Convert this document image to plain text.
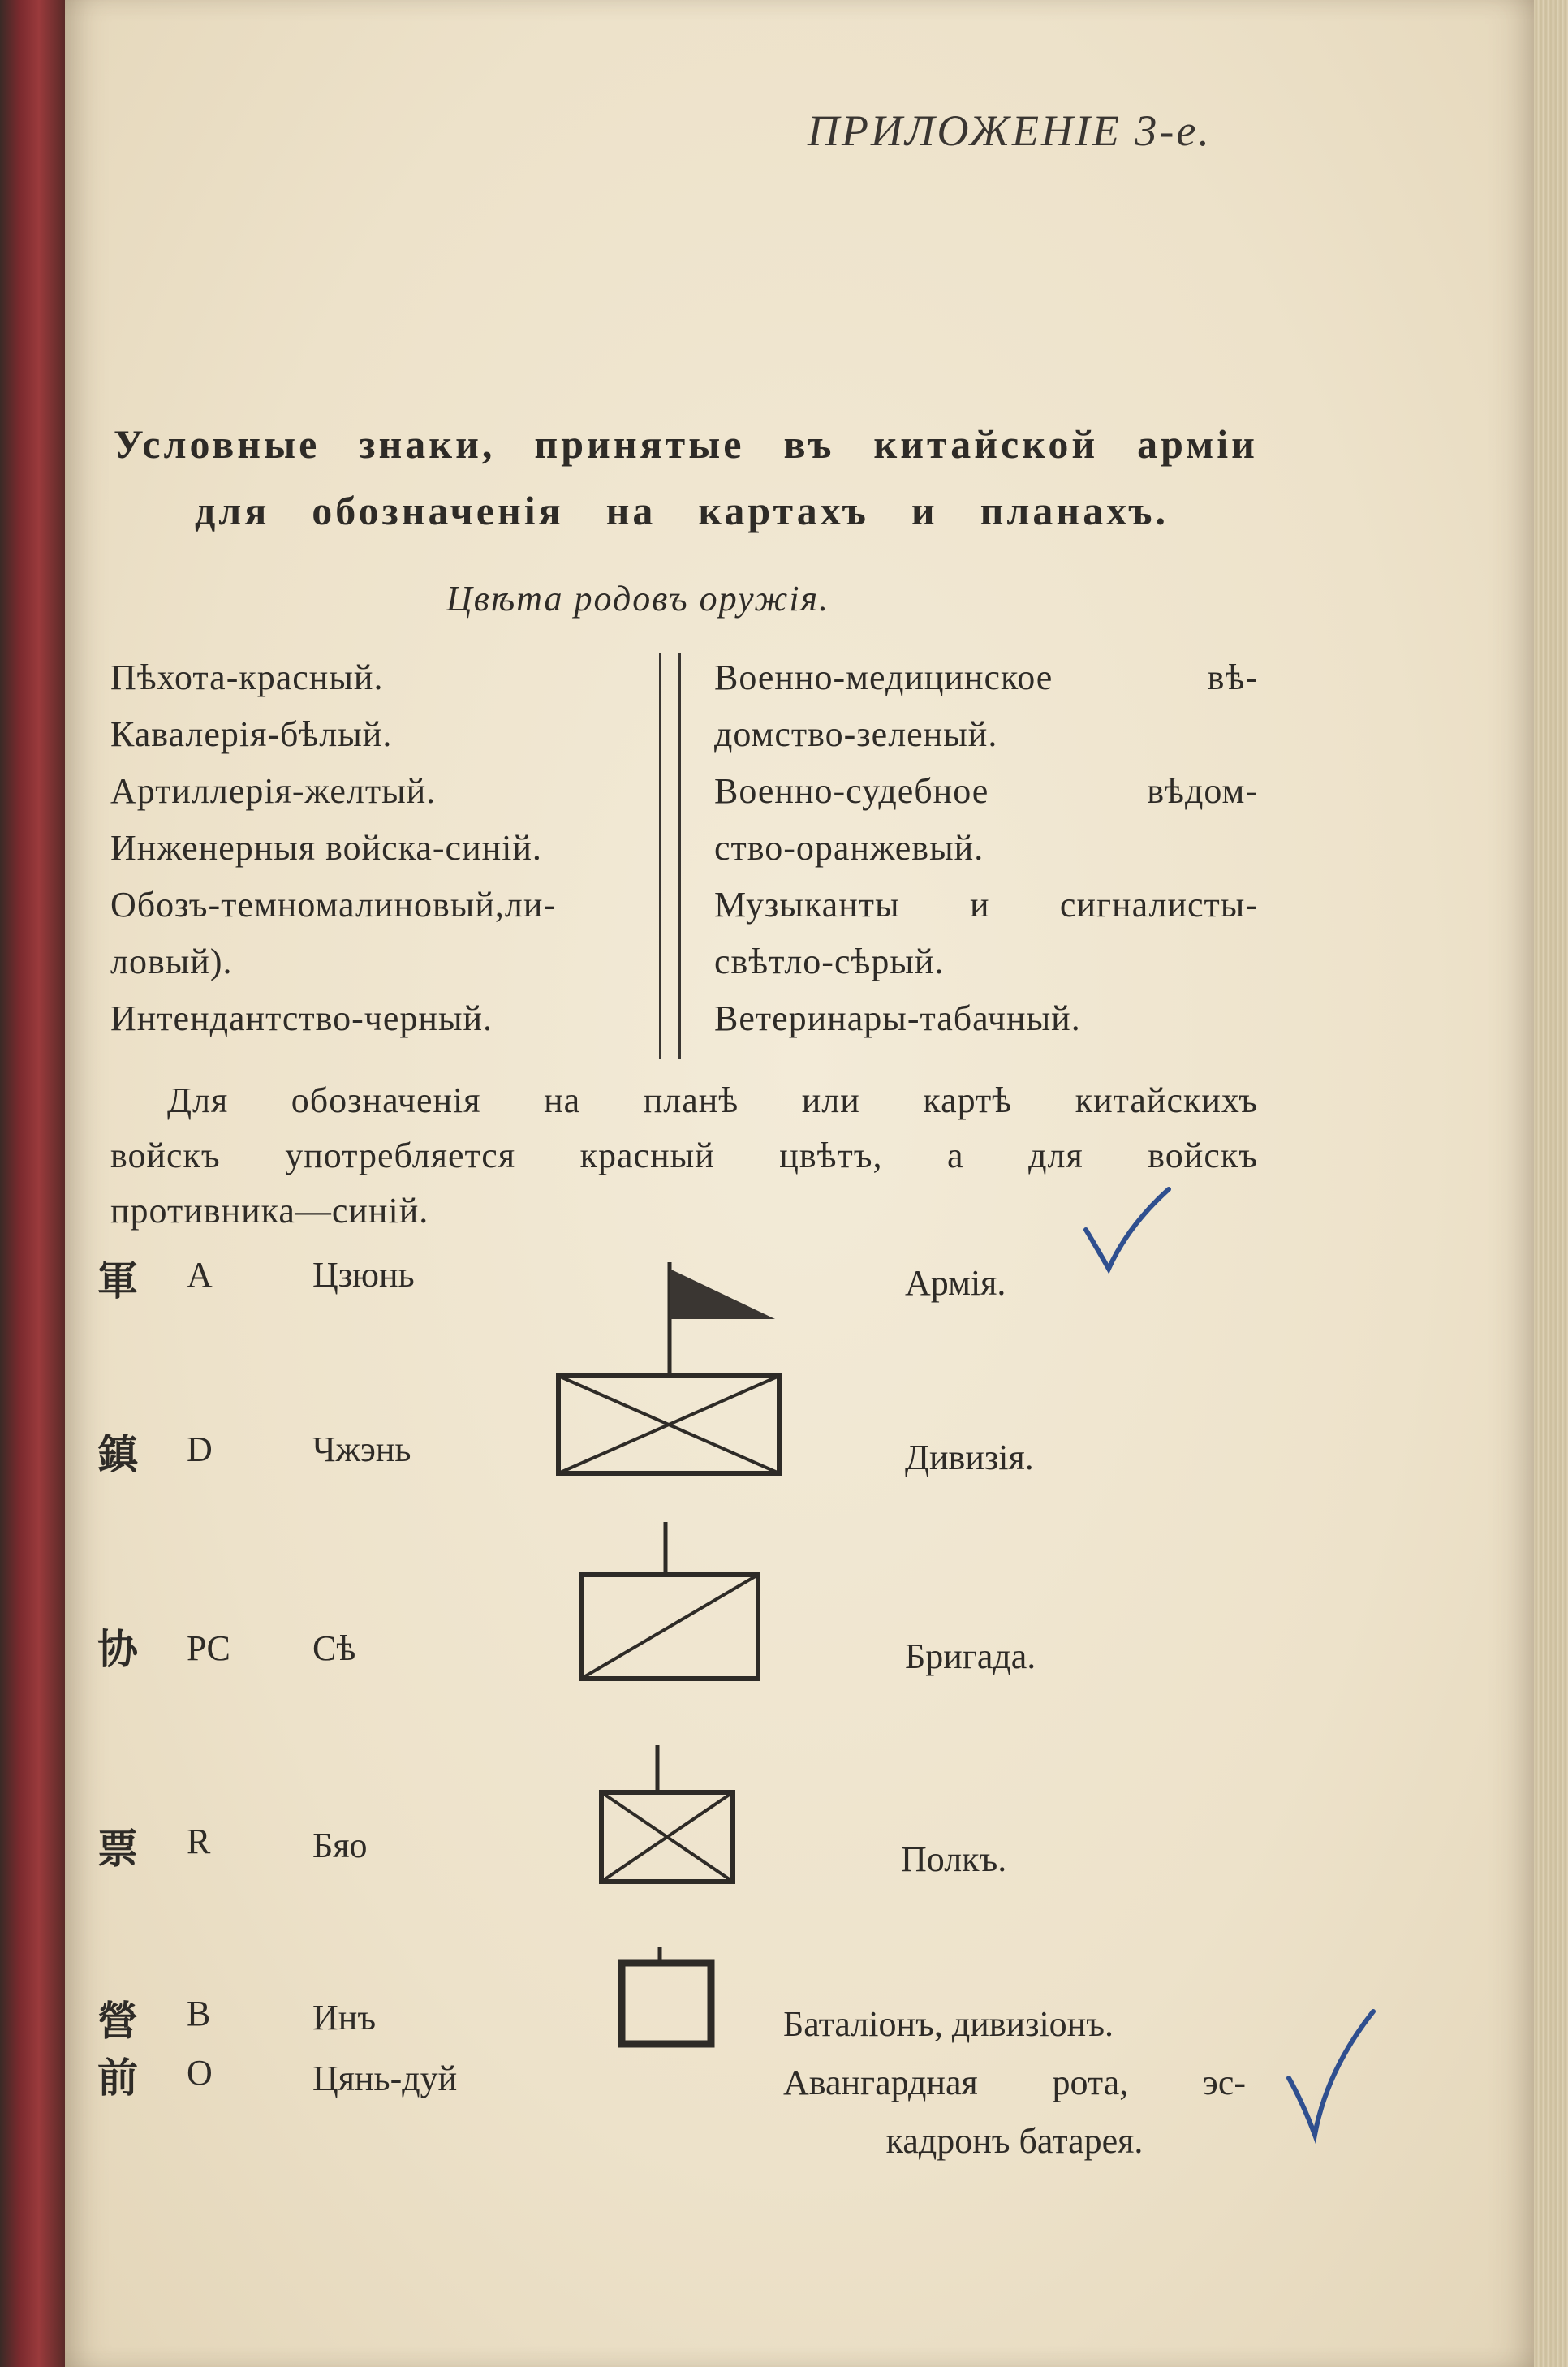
ПРИЛОЖЕНІЕ 3-е.
Условные знаки, принятые въ китайской арміи
для обозначенія на картахъ и планахъ.
Цвѣта родовъ оружія.
Пѣхота-красный.
Кавалерія-бѣлый.
Артиллерія-желтый.
Инженерныя войска-синій.
Обозъ-темномалиновый,ли-
ловый).
Интендантство-черный.
Военно-медицинское вѣ-
домство-зеленый.
Военно-судебное вѣдом-
ство-оранжевый.
Музыканты и сигналисты-
свѣтло-сѣрый.
Ветеринары-табачный.
Для обозначенія на планѣ или картѣ китайскихъ
войскъ употребляется красный цвѣтъ, а для войскъ
противника—синій.
軍 A	Цзюнь	Армія.
鎮 D	Чжэнь	Дивизія.
协 PC Сѣ	Бригада.
票 R	Бяо	Полкъ.
營 B	Инъ	Баталіонъ, дивизіонъ.
前 O	Цянь-дуй	Авангардная рота, эс-
кадронъ батарея.
